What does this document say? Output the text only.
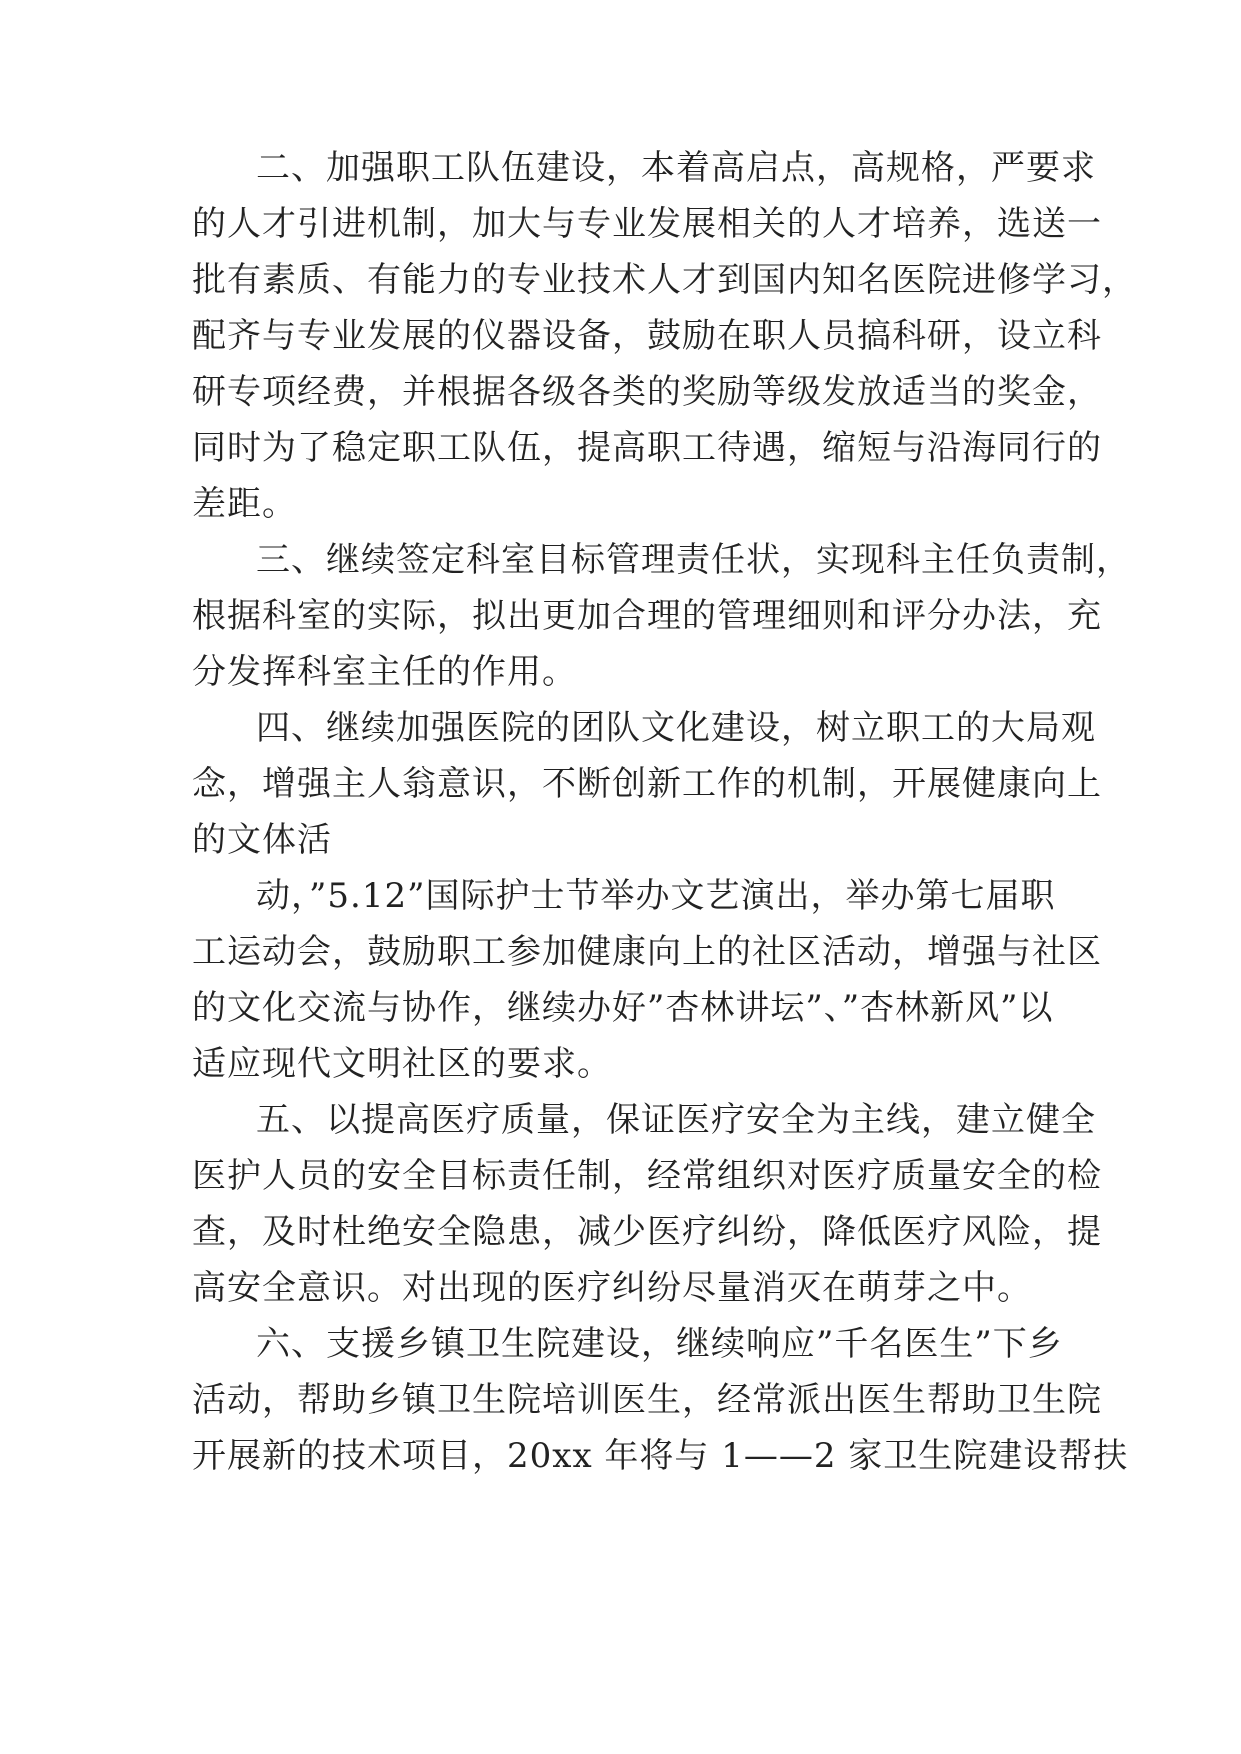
二、加强职工队伍建设，本着高启点，高规格，严要求
的人才引进机制，加大与专业发展相关的人才培养，选送一
批有素质、有能力的专业技术人才到国内知名医院进修学习，
配齐与专业发展的仪器设备，鼓励在职人员搞科研，设立科
研专项经费，并根据各级各类的奖励等级发放适当的奖金，
同时为了稳定职工队伍，提高职工待遇，缩短与沿海同行的
差距。
三、继续签定科室目标管理责任状，实现科主任负责制，
根据科室的实际，拟出更加合理的管理细则和评分办法，充
分发挥科室主任的作用。
四、继续加强医院的团队文化建设，树立职工的大局观
念，增强主人翁意识，不断创新工作的机制，开展健康向上
的文体活
动，”5.12”国际护士节举办文艺演出，举办第七届职
工运动会，鼓励职工参加健康向上的社区活动，增强与社区
的文化交流与协作，继续办好”杏林讲坛”、”杏林新风”以
适应现代文明社区的要求。
五、以提高医疗质量，保证医疗安全为主线，建立健全
医护人员的安全目标责任制，经常组织对医疗质量安全的检
查，及时杜绝安全隐患，减少医疗纠纷，降低医疗风险，提
高安全意识。对出现的医疗纠纷尽量消灭在萌芽之中。
六、支援乡镇卫生院建设，继续响应”千名医生”下乡
活动，帮助乡镇卫生院培训医生，经常派出医生帮助卫生院
开展新的技术项目，20xx 年将与 1——2 家卫生院建设帮扶
